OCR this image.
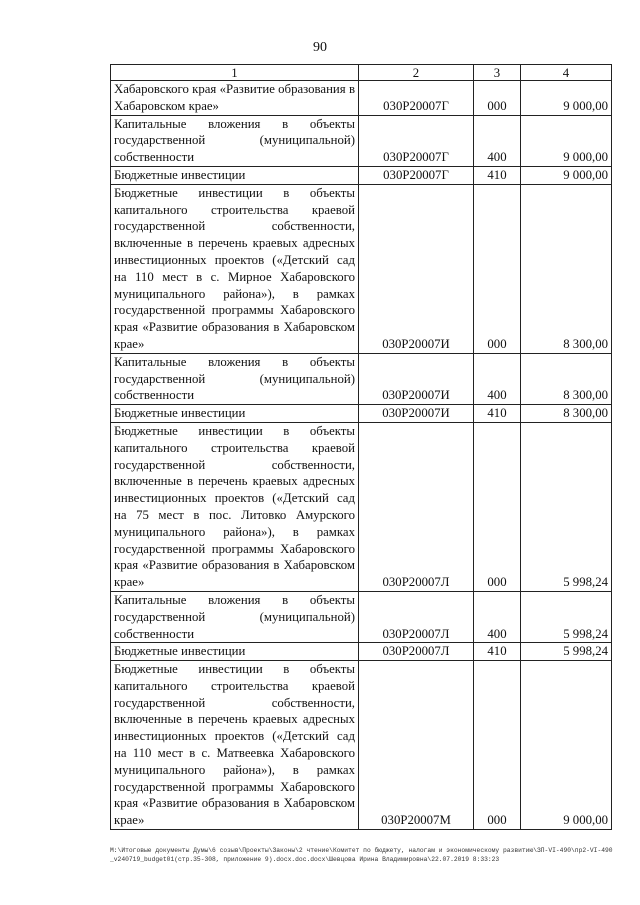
90
1	2	3	4
Хабаровского края «Развитие образования в Хабаровском крае»	030Р20007Г	000	9 000,00
Капитальные вложения в объекты государственной (муниципальной) собственности	030Р20007Г	400	9 000,00
Бюджетные инвестиции	030Р20007Г	410	9 000,00
Бюджетные инвестиции в объекты капитального строительства краевой государственной собственности, включенные в перечень краевых адресных инвестиционных проектов («Детский сад на 110 мест в с. Мирное Хабаровского муниципального района»), в рамках государственной программы Хабаровского края «Развитие образования в Хабаровском крае»	030Р20007И	000	8 300,00
Капитальные вложения в объекты государственной (муниципальной) собственности	030Р20007И	400	8 300,00
Бюджетные инвестиции	030Р20007И	410	8 300,00
Бюджетные инвестиции в объекты капитального строительства краевой государственной собственности, включенные в перечень краевых адресных инвестиционных проектов («Детский сад на 75 мест в пос. Литовко Амурского муниципального района»), в рамках государственной программы Хабаровского края «Развитие образования в Хабаровском крае»	030Р20007Л	000	5 998,24
Капитальные вложения в объекты государственной (муниципальной) собственности	030Р20007Л	400	5 998,24
Бюджетные инвестиции	030Р20007Л	410	5 998,24
Бюджетные инвестиции в объекты капитального строительства краевой государственной собственности, включенные в перечень краевых адресных инвестиционных проектов («Детский сад на 110 мест в с. Матвеевка Хабаровского муниципального района»), в рамках государственной программы Хабаровского края «Развитие образования в Хабаровском крае»	030Р20007М	000	9 000,00
M:\Итоговые документы Думы\6 созыв\Проекты\Законы\2 чтение\Комитет по бюджету, налогам и экономическому развитию\ЗП-VI-490\пр2-VI-490_v240719_budget01(стр.35-308, приложение 9).docx.doc.docx\Шевцова Ирина Владимировна\22.07.2019 8:33:23
